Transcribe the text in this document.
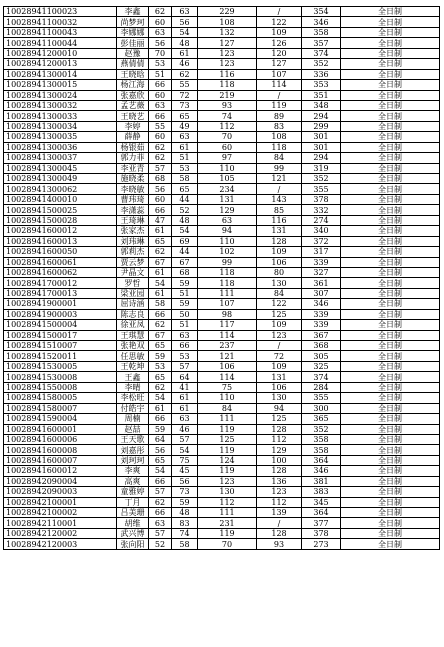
10028941100023	李鑫	62	63	229	/	354	全日制
10028941100032	尚梦珂	60	56	108	122	346	全日制
10028941100043	李娜娜	63	54	132	109	358	全日制
10028941100044	彭佳丽	56	48	127	126	357	全日制
10028941200010	赵豫	70	61	123	120	374	全日制
10028941200013	燕倩倩	53	46	123	127	352	全日制
10028941300014	王晓晗	51	62	116	107	336	全日制
10028941300015	杨江海	66	55	118	114	353	全日制
10028941300024	张嘉欣	60	72	219	/	351	全日制
10028941300032	孟艺薇	63	73	93	119	348	全日制
10028941300033	王晓艺	66	65	74	89	294	全日制
10028941300034	李婷	55	49	112	83	299	全日制
10028941300035	薛静	60	63	70	108	301	全日制
10028941300036	杨银茹	62	61	60	118	301	全日制
10028941300037	郭力菲	62	51	97	84	294	全日制
10028941300045	李亚青	57	53	110	99	319	全日制
10028941300049	施晓柔	68	58	105	121	352	全日制
10028941300062	李晓敏	56	65	234	/	355	全日制
10028941400010	曹玮琦	60	44	131	143	378	全日制
10028941500025	李潇蕊	66	52	129	85	332	全日制
10028941500028	王琦琳	47	48	63	116	274	全日制
10028941600012	张家杰	61	54	94	131	340	全日制
10028941600013	刘玮琳	65	69	110	128	372	全日制
10028941600050	郭莉杰	62	44	102	109	317	全日制
10028941600061	贾云梦	67	67	99	106	339	全日制
10028941600062	尹晶文	61	68	118	80	327	全日制
10028941700012	罗哲	54	59	118	130	361	全日制
10028941700013	梁亚园	61	51	111	84	307	全日制
10028941900001	屈诗涵	58	59	107	122	346	全日制
10028941900003	陈志良	66	50	98	125	339	全日制
10028941500004	徐亚凤	62	51	117	109	339	全日制
10028941500017	王琪慧	67	63	114	123	367	全日制
10028941510007	张艳双	65	66	237	/	368	全日制
10028941520011	任思敏	59	53	121	72	305	全日制
10028941530005	王乾坤	53	57	106	109	325	全日制
10028941530008	王鑫	65	64	114	131	374	全日制
10028941550008	李晴	62	41	75	106	284	全日制
10028941580005	李松旺	54	61	110	130	355	全日制
10028941580007	付皓宇	61	61	84	94	300	全日制
10028941590004	周楠	66	63	111	125	365	全日制
10028941600001	赵喆	59	46	119	128	352	全日制
10028941600006	王天歌	64	57	125	112	358	全日制
10028941600008	刘嘉彤	56	54	119	129	358	全日制
10028941600007	刘珂珂	65	75	124	100	364	全日制
10028941600012	李爽	54	45	119	128	346	全日制
10028942090004	高爽	66	56	123	136	381	全日制
10028942090003	童雅婷	57	73	130	123	383	全日制
10028942100001	丁月	62	59	112	112	345	全日制
10028942100002	吕美珊	66	48	111	139	364	全日制
10028942110001	胡维	63	83	231	/	377	全日制
10028942120002	武兴博	57	74	119	128	378	全日制
10028942120003	张向阳	52	58	70	93	273	全日制
